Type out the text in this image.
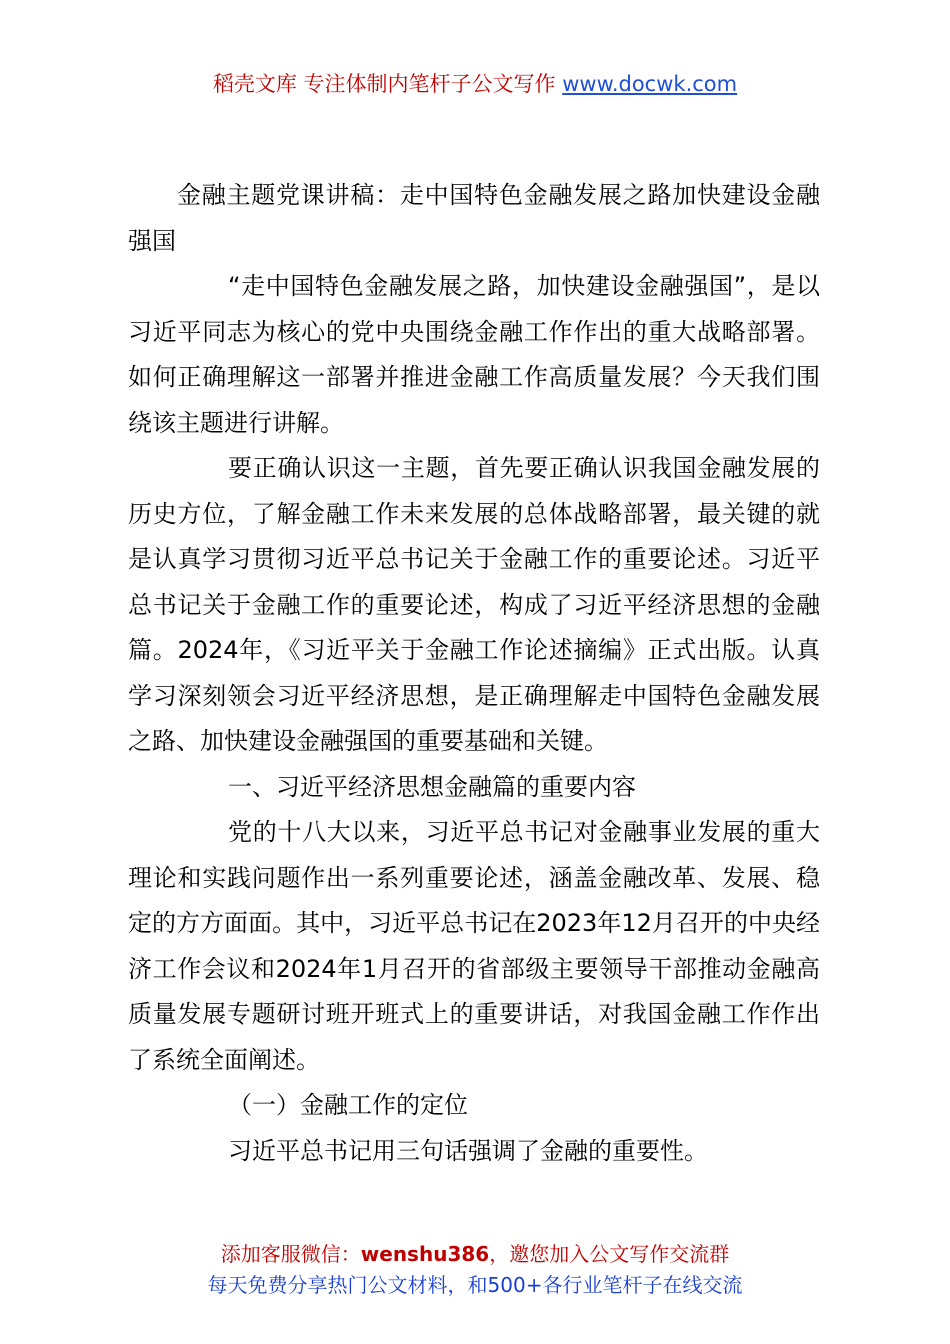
稻壳文库 专注体制内笔杆子公文写作 www.docwk.com

金融主题党课讲稿：走中国特色金融发展之路加快建设金融强国

“走中国特色金融发展之路，加快建设金融强国”，是以习近平同志为核心的党中央围绕金融工作作出的重大战略部署。如何正确理解这一部署并推进金融工作高质量发展？今天我们围绕该主题进行讲解。

要正确认识这一主题，首先要正确认识我国金融发展的历史方位，了解金融工作未来发展的总体战略部署，最关键的就是认真学习贯彻习近平总书记关于金融工作的重要论述。习近平总书记关于金融工作的重要论述，构成了习近平经济思想的金融篇。2024年，《习近平关于金融工作论述摘编》正式出版。认真学习深刻领会习近平经济思想，是正确理解走中国特色金融发展之路、加快建设金融强国的重要基础和关键。

一、习近平经济思想金融篇的重要内容

党的十八大以来，习近平总书记对金融事业发展的重大理论和实践问题作出一系列重要论述，涵盖金融改革、发展、稳定的方方面面。其中，习近平总书记在2023年12月召开的中央经济工作会议和2024年1月召开的省部级主要领导干部推动金融高质量发展专题研讨班开班式上的重要讲话，对我国金融工作作出了系统全面阐述。

（一）金融工作的定位

习近平总书记用三句话强调了金融的重要性。

添加客服微信：wenshu386，邀您加入公文写作交流群
每天免费分享热门公文材料，和500+各行业笔杆子在线交流
